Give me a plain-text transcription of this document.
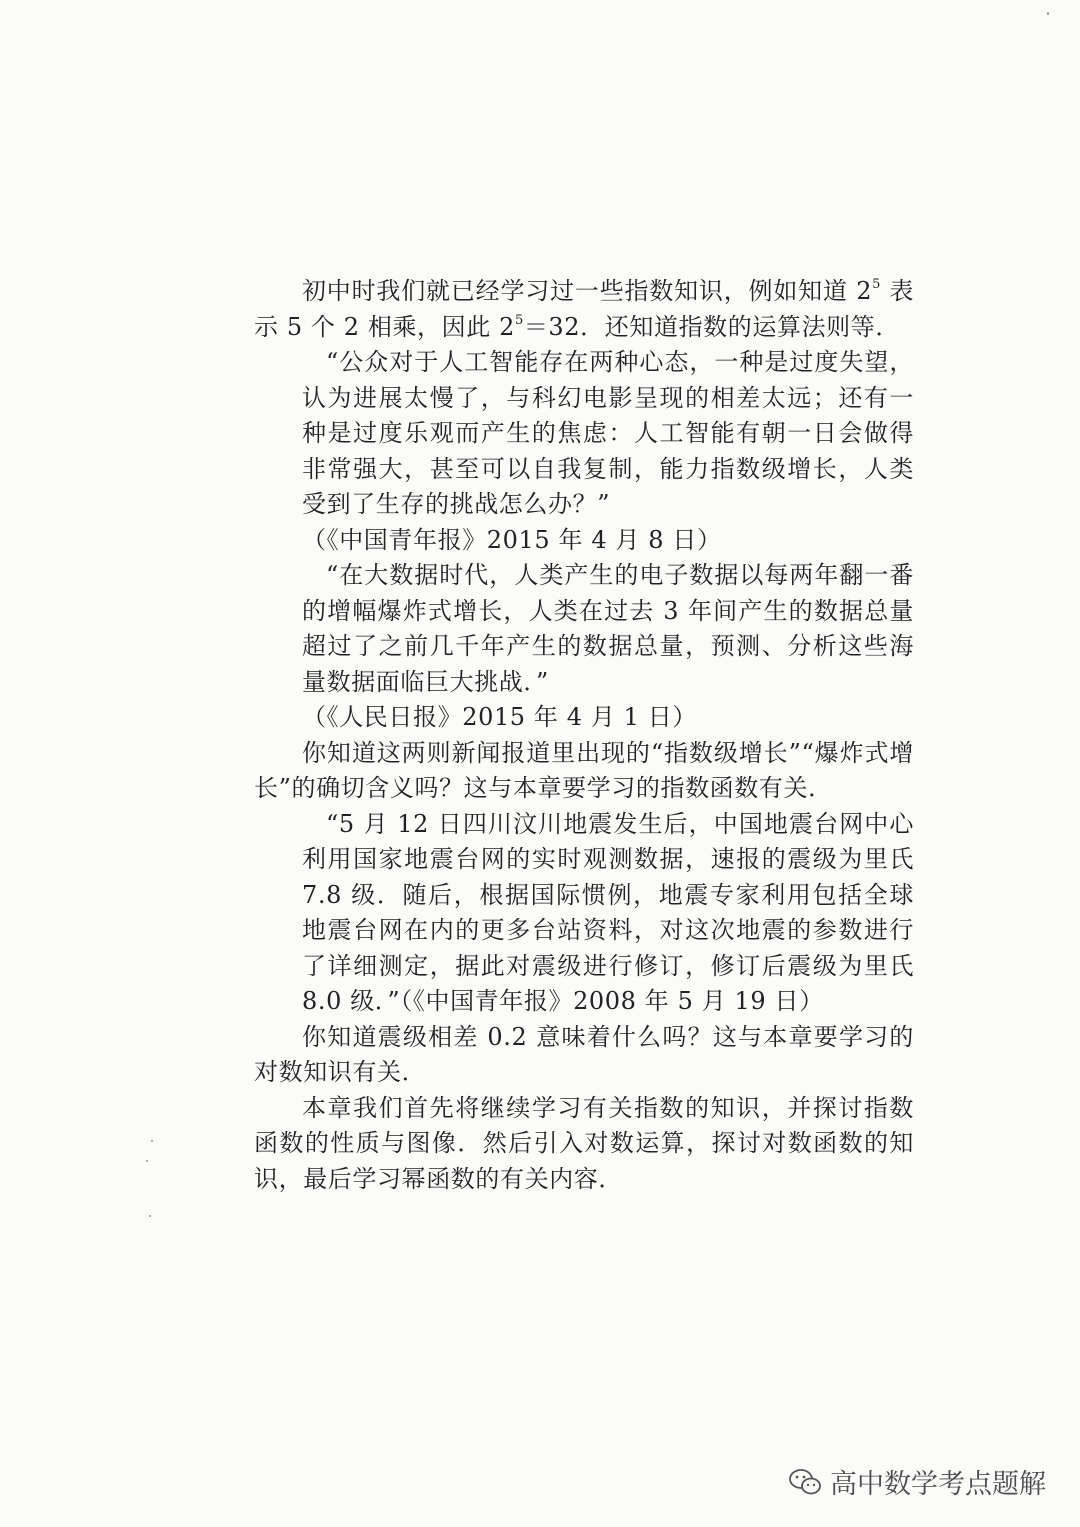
初中时我们就已经学习过一些指数知识，例如知道 $2^5$ 表示 5 个 2 相乘，因此 $2^5=32$．还知道指数的运算法则等．

“公众对于人工智能存在两种心态，一种是过度失望，认为进展太慢了，与科幻电影呈现的相差太远；还有一种是过度乐观而产生的焦虑：人工智能有朝一日会做得非常强大，甚至可以自我复制，能力指数级增长，人类受到了生存的挑战怎么办？”

（《中国青年报》2015 年 4 月 8 日）

“在大数据时代，人类产生的电子数据以每两年翻一番的增幅爆炸式增长，人类在过去 3 年间产生的数据总量超过了之前几千年产生的数据总量，预测、分析这些海量数据面临巨大挑战．”

（《人民日报》2015 年 4 月 1 日）

你知道这两则新闻报道里出现的“指数级增长”“爆炸式增长”的确切含义吗？这与本章要学习的指数函数有关．

“5 月 12 日四川汶川地震发生后，中国地震台网中心利用国家地震台网的实时观测数据，速报的震级为里氏 7.8 级．随后，根据国际惯例，地震专家利用包括全球地震台网在内的更多台站资料，对这次地震的参数进行了详细测定，据此对震级进行修订，修订后震级为里氏 8.0 级．”（《中国青年报》2008 年 5 月 19 日）

你知道震级相差 0.2 意味着什么吗？这与本章要学习的对数知识有关．

本章我们首先将继续学习有关指数的知识，并探讨指数函数的性质与图像．然后引入对数运算，探讨对数函数的知识，最后学习幂函数的有关内容．

高中数学考点题解
